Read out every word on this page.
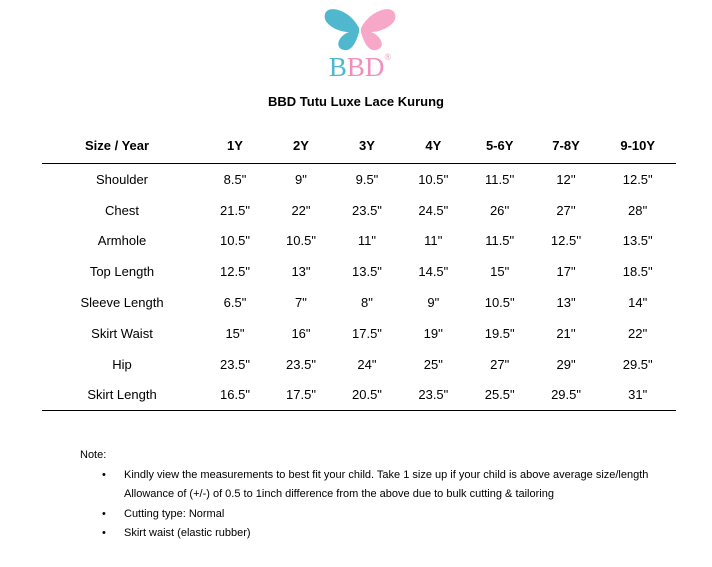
BBD®
BBD Tutu Luxe Lace Kurung
Size / Year	1Y	2Y	3Y	4Y	5-6Y	7-8Y	9-10Y
Shoulder	8.5"	9"	9.5"	10.5''	11.5''	12''	12.5"
Chest	21.5"	22"	23.5"	24.5"	26''	27''	28''
Armhole	10.5"	10.5"	11"	11''	11.5"	12.5''	13.5"
Top Length	12.5"	13"	13.5"	14.5"	15"	17"	18.5"
Sleeve Length	6.5"	7"	8"	9"	10.5"	13"	14"
Skirt Waist	15"	16"	17.5"	19''	19.5"	21''	22''
Hip	23.5"	23.5"	24"	25"	27"	29"	29.5"
Skirt Length	16.5"	17.5"	20.5"	23.5"	25.5"	29.5"	31"
Note:
• Kindly view the measurements to best fit your child. Take 1 size up if your child is above average size/length Allowance of (+/-) of 0.5 to 1inch difference from the above due to bulk cutting & tailoring
• Cutting type: Normal
• Skirt waist (elastic rubber)
